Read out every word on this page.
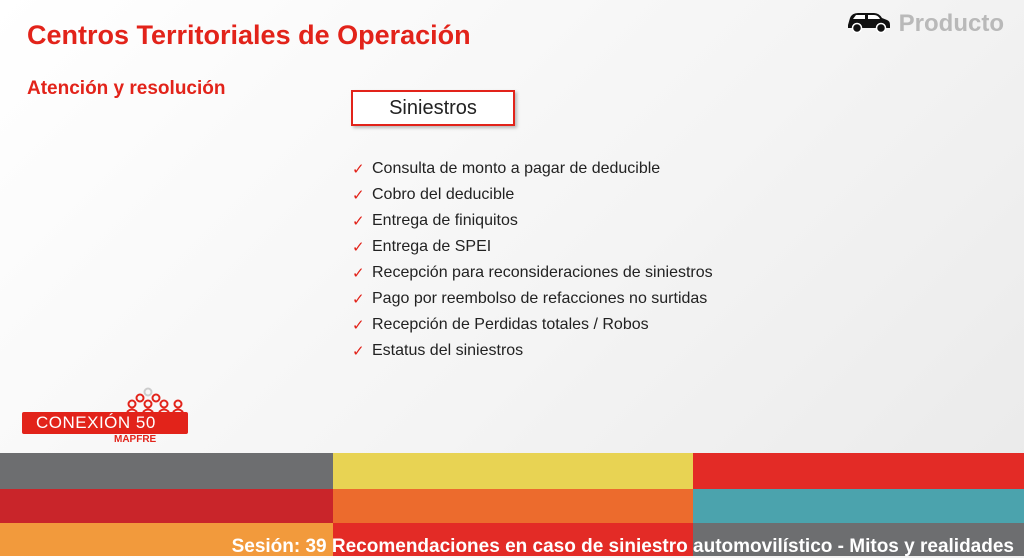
Centros Territoriales de Operación
Atención y resolución
Producto
Siniestros
✓ Consulta de monto a pagar de deducible
✓ Cobro del deducible
✓ Entrega de finiquitos
✓ Entrega de SPEI
✓ Recepción para reconsideraciones de siniestros
✓ Pago por reembolso de refacciones no surtidas
✓ Recepción de Perdidas totales / Robos
✓ Estatus del siniestros
CONEXIÓN 50
MAPFRE
Sesión: 39 Recomendaciones en caso de siniestro automovilístico - Mitos y realidades
